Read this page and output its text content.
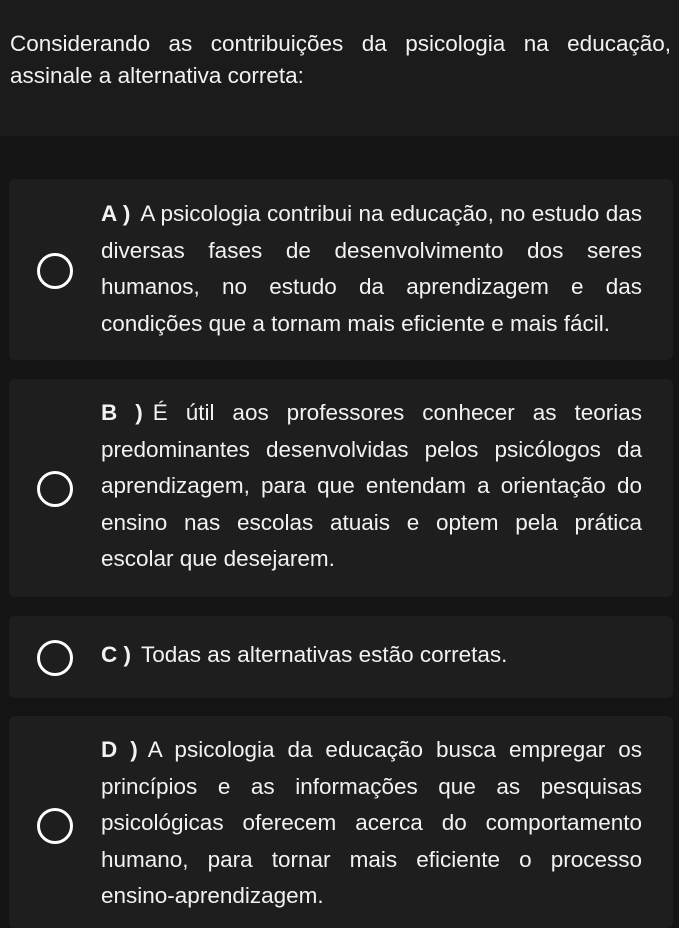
Considerando as contribuições da psicologia na educação, assinale a alternativa correta:
A ) A psicologia contribui na educação, no estudo das diversas fases de desenvolvimento dos seres humanos, no estudo da aprendizagem e das condições que a tornam mais eficiente e mais fácil.
B ) É útil aos professores conhecer as teorias predominantes desenvolvidas pelos psicólogos da aprendizagem, para que entendam a orientação do ensino nas escolas atuais e optem pela prática escolar que desejarem.
C ) Todas as alternativas estão corretas.
D ) A psicologia da educação busca empregar os princípios e as informações que as pesquisas psicológicas oferecem acerca do comportamento humano, para tornar mais eficiente o processo ensino-aprendizagem.
